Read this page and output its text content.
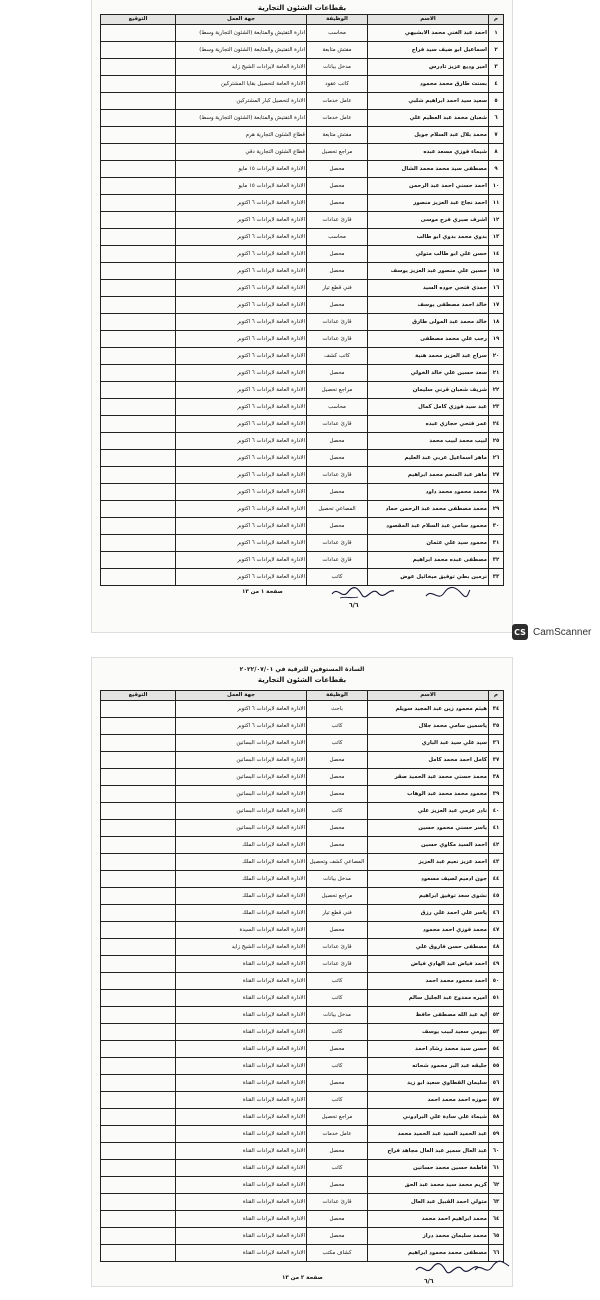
بقطاعات الشئون التجارية
م	الاسم	الوظيفة	جهة العمل	التوقيع
١	احمد عبد الغني محمد الابشيهي	محاسب	ادارة التفتيش والمتابعة (الشئون التجارية وسط)	
٢	اسماعيل ابو ضيف سيد فراج	مفتش متابعة	ادارة التفتيش والمتابعة (الشئون التجارية وسط)	
٣	امير وديع عزيز تادرس	مدخل بيانات	الادارة العامة لايرادات الشيخ زايد	
٤	بسنت طارق محمد محمود	كاتب عقود	الادارة العامة لتحصيل بقايا المشتركين	
٥	سعيد سيد احمد ابراهيم شلبي	عامل خدمات	الادارة لتحصيل كبار المشتركين	
٦	شعبان محمد عبد العظيم علي	عامل خدمات	ادارة التفتيش والمتابعة (الشئون التجارية وسط)	
٧	محمد بلال عبد السلام جويل	مفتش متابعة	قطاع الشئون التجارية هرم	
٨	شيماء فوزي مسعد عبده	مراجع تحصيل	قطاع الشئون التجارية دقي	
٩	مصطفى سيد محمد محمد الشال	محصل	الادارة العامة لايرادات ١٥ مايو	
١٠	احمد حسني احمد عبد الرحمن	محصل	الادارة العامة لايرادات ١٥ مايو	
١١	احمد نجاح عبد العزيز منصور	محصل	الادارة العامة لايرادات ٦ اكتوبر	
١٢	اشرف صبري فرج موسى	قارئ عدادات	الادارة العامة لايرادات ٦ اكتوبر	
١٣	بدوي محمد بدوي ابو طالب	محاسب	الادارة العامة لايرادات ٦ اكتوبر	
١٤	حسن علي ابو طالب متولي	محصل	الادارة العامة لايرادات ٦ اكتوبر	
١٥	حسين علي منصور عبد العزيز يوسف	محصل	الادارة العامة لايرادات ٦ اكتوبر	
١٦	حمدي فتحي جوده السيد	فني قطع تيار	الادارة العامة لايرادات ٦ اكتوبر	
١٧	خالد احمد مصطفى يوسف	محصل	الادارة العامة لايرادات ٦ اكتوبر	
١٨	خالد محمد عبد المولى طارق	قارئ عدادات	الادارة العامة لايرادات ٦ اكتوبر	
١٩	رجب علي محمد مصطفى	قارئ عدادات	الادارة العامة لايرادات ٦ اكتوبر	
٢٠	سراج عبد العزيز محمد هنية	كاتب كشف	الادارة العامة لايرادات ٦ اكتوبر	
٢١	سعد حسين علي خالد الخولي	محصل	الادارة العامة لايرادات ٦ اكتوبر	
٢٢	شريف شعبان قرني سليمان	مراجع تحصيل	الادارة العامة لايرادات ٦ اكتوبر	
٢٣	عبد سيد فوزي كامل كمال	محاسب	الادارة العامة لايرادات ٦ اكتوبر	
٢٤	عمر فتحي حجازي عبده	قارئ عدادات	الادارة العامة لايرادات ٦ اكتوبر	
٢٥	لبيب محمد لبيب محمد	محصل	الادارة العامة لايرادات ٦ اكتوبر	
٢٦	ماهر اسماعيل عربي عبد العليم	محصل	الادارة العامة لايرادات ٦ اكتوبر	
٢٧	ماهر عبد المنعم محمد ابراهيم	قارئ عدادات	الادارة العامة لايرادات ٦ اكتوبر	
٢٨	محمد محمود محمد داود	محصل	الادارة العامة لايرادات ٦ اكتوبر	
٢٩	محمد مصطفى محمد عبد الرحمن حماد	المصاعي تحصيل	الادارة العامة لايرادات ٦ اكتوبر	
٣٠	محمود سامي عبد السلام عبد المقصود	محصل	الادارة العامة لايرادات ٦ اكتوبر	
٣١	محمود سيد علي عثمان	قارئ عدادات	الادارة العامة لايرادات ٦ اكتوبر	
٣٢	مصطفى عبده محمد ابراهيم	قارئ عدادات	الادارة العامة لايرادات ٦ اكتوبر	
٣٣	نرمين بطي توفيق ميخائيل عوض	كاتب	الادارة العامة لايرادات ٦ اكتوبر	
صفحة ١ من ١٣
٦/٦
CS CamScanner
السادة المستوفين للترقية في ٢٠٢٢/٠٧/٠١
بقطاعات الشئون التجارية
م	الاسم	الوظيفة	جهة العمل	التوقيع
٣٤	هيثم محمود زين عبد المجيد سويلم	باحث	الادارة العامة لايرادات ٦ اكتوبر	
٣٥	ياسمين سامي محمد جلال	كاتب	الادارة العامة لايرادات ٦ اكتوبر	
٣٦	سيد علي سيد عبد الباري	كاتب	الادارة العامة لايرادات البساتين	
٣٧	كامل احمد محمد كامل	محصل	الادارة العامة لايرادات البساتين	
٣٨	محمد حسني محمد عبد الحميد صقر	محصل	الادارة العامة لايرادات البساتين	
٣٩	محمود محمد محمد عبد الوهاب	محصل	الادارة العامة لايرادات البساتين	
٤٠	نادر عزمي عبد العزيز علي	كاتب	الادارة العامة لايرادات البساتين	
٤١	ياسر حسني محمود حسين	محصل	الادارة العامة لايرادات البساتين	
٤٢	احمد السيد مكاوي حسين	محصل	الادارة العامة لايرادات الملك	
٤٣	احمد عزيز نعيم عبد العزيز	المصاعي كشف وتحصيل	الادارة العامة لايرادات الملك	
٤٤	جون ادميم لصيف مسعود	مدخل بيانات	الادارة العامة لايرادات الملك	
٤٥	نشوى سعد توفيق ابراهيم	مراجع تحصيل	الادارة العامة لايرادات الملك	
٤٦	ياسر علي احمد علي رزق	فني قطع تيار	الادارة العامة لايرادات الملك	
٤٧	محمد فوزي احمد محمود	محصل	الادارة العامة لايرادات السيدة	
٤٨	مصطفى حسن فاروق علي	قارئ عدادات	الادارة العامة لايرادات الشيخ زايد	
٤٩	احمد فياض عبد الهادي فياض	قارئ عدادات	الادارة العامة لايرادات القناة	
٥٠	احمد محمود محمد احمد	كاتب	الادارة العامة لايرادات القناة	
٥١	اميره ممدوح عبد الجليل سالم	كاتب	الادارة العامة لايرادات القناة	
٥٢	ايه عبد الله مصطفى حافظ	مدخل بيانات	الادارة العامة لايرادات القناة	
٥٣	بيومي سعيد لبيب يوسف	كاتب	الادارة العامة لايرادات القناة	
٥٤	حسن سيد محمد رشاد احمد	محصل	الادارة العامة لايرادات القناة	
٥٥	حليقه عبد البر محمود شحاته	كاتب	الادارة العامة لايرادات القناة	
٥٦	سليمان القطاوي سعيد ابو زيد	محصل	الادارة العامة لايرادات القناة	
٥٧	سوزه احمد محمد احمد	كاتب	الادارة العامة لايرادات القناة	
٥٨	شيماء علي سادة علي البرادوني	مراجع تحصيل	الادارة العامة لايرادات القناة	
٥٩	عبد الحميد السيد عبد الحميد محمد	عامل خدمات	الادارة العامة لايرادات القناة	
٦٠	عبد العال سمير عبد العال مجاهد فراج	محصل	الادارة العامة لايرادات القناة	
٦١	فاطمة حسين محمد حسانين	كاتب	الادارة العامة لايرادات القناة	
٦٢	كريم محمد سيد محمد عبد الحق	محصل	الادارة العامة لايرادات القناة	
٦٣	متولي احمد القبيل عبد العال	قارئ عدادات	الادارة العامة لايرادات القناة	
٦٤	محمد ابراهيم احمد محمد	محصل	الادارة العامة لايرادات القناة	
٦٥	محمد سليمان محمد دراز	محصل	الادارة العامة لايرادات القناة	
٦٦	مصطفى محمد محمود ابراهيم	كشاف مكتب	الادارة العامة لايرادات القناة	
صفحة ٢ من ١٣	٦/٦
